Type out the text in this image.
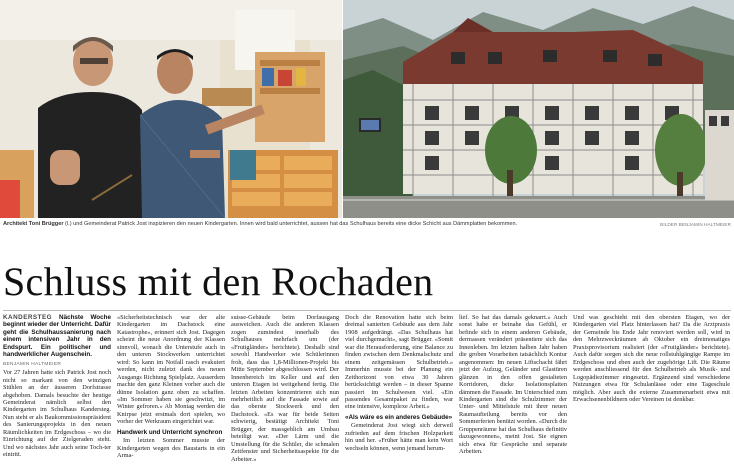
Architekt Toni Brügger (l.) und Gemeinderat Patrick Jost inspizieren den neuen Kindergarten. Innen wird bald unterrichtet, aussen hat das Schulhaus bereits eine dicke Schicht aus Dämmplatten bekommen.	BILDER BENJAMIN HALTMEIER
Schluss mit den Rochaden

KANDERSTEG Nächste Woche beginnt wieder der Unterricht. Dafür geht die Schulhaussanierung nach einem intensiven Jahr in den Endspurt. Ein politischer und handwerklicher Augenschein.

BENJAMIN HALTMEIER

Vor 27 Jahren hatte sich Patrick Jost noch nicht so markant von den winzigen Stühlen an der äusseren Dorfstrasse abgehoben. Damals besuchte der heutige Gemeinderat nämlich selbst den Kindergarten im Schulhaus Kandersteg. Nun steht er als Baukommissionspräsident des Sanierungsprojekts in den neuen Räumlichkeiten im Erdgeschoss – wo die Einrichtung auf der Zielgeraden steht. Und wo nächstes Jahr auch seine Toch-ter eintritt.

«Sicherheitstechnisch war der alte Kindergarten im Dachstock eine Katastrophe», erinnert sich Jost. Dagegen scheint die neue Anordnung der Klassen sinnvoll, wonach die Unterstufe auch in den unteren Stockwerken unterrichtet wird: So kann im Notfall rasch evakuiert werden, nicht zuletzt dank des neuen Ausgangs Richtung Spielplatz. Ausserdem machte den ganz Kleinen vorher auch die dünne Isolation ganz oben zu schaffen. «Im Sommer haben sie geschwitzt, im Winter gefroren.» Ab Montag werden die Knirpse jetzt erstmals dort spielen, wo vorher der Werkraum eingerichtet war.

Handwerk und Unterricht synchron

Im letzten Sommer musste der Kindergarten wegen des Baustarts in ein Arma-

suisse-Gebäude beim Dorfausgang ausweichen. Auch die anderen Klassen zogen zumindest innerhalb des Schulhauses mehrfach um (der «Frutigländer» berichtete). Deshalb sind sowohl Handwerker wie Schülerinnen froh, dass das 1,8-Millionen-Projekt bis Mitte September abgeschlossen wird. Der Innenbereich im Keller und auf den unteren Etagen ist weitgehend fertig. Die letzten Arbeiten konzentrieren sich nun mehrheitlich auf die Fassade sowie auf das oberste Stockwerk und den Dachstock. «Es war für beide Seiten schwierig, bestätigt Architekt Toni Brügger, der massgeblich am Umbau beteiligt war. «Der Lärm und die Umstellung für die Schüler, die schmalen Zeitfenster und Sicherheitsaspekte für die Arbeiter.»

Doch die Renovation hatte sich beim dreimal sanierten Gebäude aus dem Jahr 1908 aufgedrängt. «Das Schulhaus hat viel durchgemacht», sagt Brügger. «Somit war die Herausforderung, eine Balance zu finden zwischen dem Denkmalschutz und einem zeitgemässen Schulbetrieb.» Immerhin musste bei der Planung ein Zeithorizont von etwa 30 Jahren berücksichtigt werden – in dieser Spanne passiert im Schulwesen viel. «Ein passendes Gesamtpaket zu finden, war eine intensive, komplexe Arbeit.»

«Als wäre es ein anderes Gebäude»

Gemeinderat Jost wiegt sich derweil zufrieden auf dem frischen Holzparkett hin und her. «Früher hätte man kein Wort wechseln können, wenn jemand herum-

lief. So hat das damals geknarrt.» Auch sonst habe er beinahe das Gefühl, er befinde sich in einem anderen Gebäude, dermassen verändert präsentiere sich das Innenleben. Im letzten halben Jahr haben die groben Vorarbeiten tatsächlich Kontur angenommen: Im neuen Liftschacht fährt jetzt der Aufzug, Geländer und Glastüren glänzen in den offen gestalteten Korridoren, dicke Isolationsplatten dämmen die Fassade. Im Unterschied zum Kindergarten sind die Schulzimmer der Unter- und Mittelstufe mit ihrer neuen Raumaufteilung bereits vor den Sommerferien benützt worden. «Durch die Gruppenräume hat das Schulhaus definitiv dazugewonnen», meint Jost. Sie eignen sich etwa für Gespräche und separate Arbeiten.

Und was geschieht mit den obersten Etagen, wo der Kindergarten viel Platz hinterlassen hat? Da die Arztpraxis der Gemeinde bis Ende Jahr renoviert werden soll, wird in den Mehrzweckräumen ab Oktober ein dreimonatiges Praxisprovisorium realisiert (der «Frutigländer» berichtete). Auch dafür sorgen sich die neue rollstuhlgängige Rampe im Erdgeschoss und eben auch der zugehörige Lift. Die Räume werden anschliessend für den Schulbetrieb als Musik- und Logopädiezimmer eingesetzt. Ergänzend sind verschiedene Nutzungen etwa für Schulanlässe oder eine Tageschule möglich. Aber auch die externe Zusammenarbeit etwa mit Erwachsenenbildnern oder Vereinen ist denkbar.
